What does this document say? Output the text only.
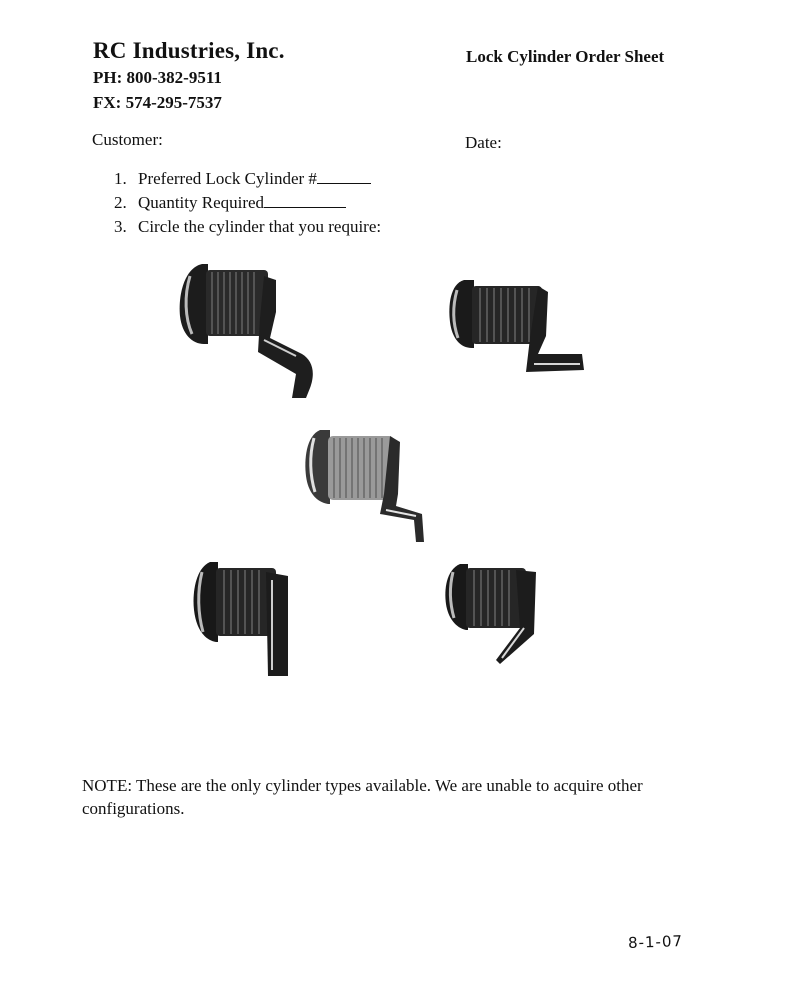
RC Industries, Inc.
PH: 800-382-9511
FX: 574-295-7537
Lock Cylinder Order Sheet
Customer:	Date:
1. Preferred Lock Cylinder #
2. Quantity Required
3. Circle the cylinder that you require:
NOTE: These are the only cylinder types available. We are unable to acquire other configurations.
8-1-07
